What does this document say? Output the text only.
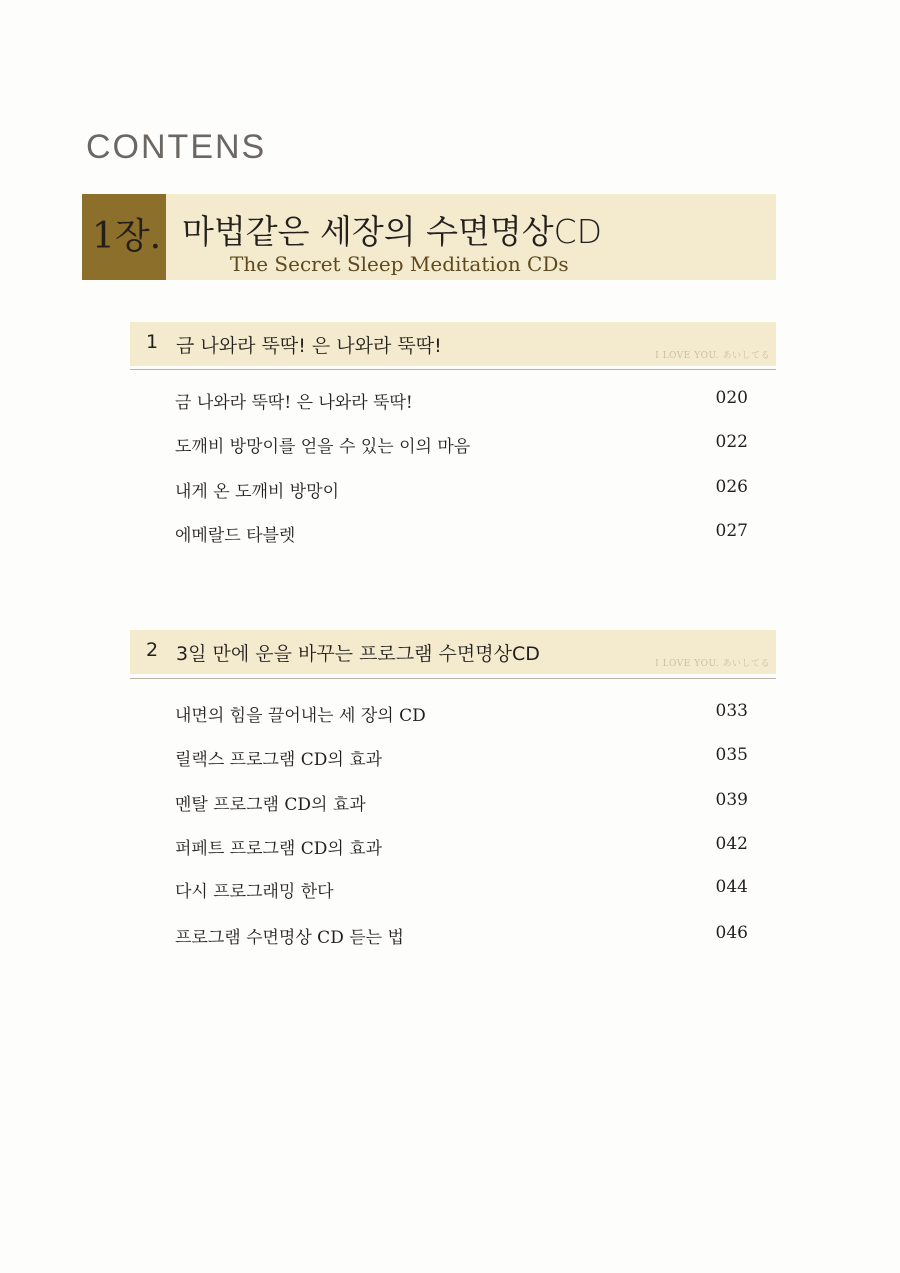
CONTENS
1장. 마법같은 세장의 수면명상CD
The Secret Sleep Meditation CDs
1 금 나와라 뚝딱! 은 나와라 뚝딱!	I LOVE YOU. あいしてる
금 나와라 뚝딱! 은 나와라 뚝딱!	020
도깨비 방망이를 얻을 수 있는 이의 마음	022
내게 온 도깨비 방망이	026
에메랄드 타블렛	027
2 3일 만에 운을 바꾸는 프로그램 수면명상CD	I LOVE YOU. あいしてる
내면의 힘을 끌어내는 세 장의 CD	033
릴랙스 프로그램 CD의 효과	035
멘탈 프로그램 CD의 효과	039
퍼페트 프로그램 CD의 효과	042
다시 프로그래밍 한다	044
프로그램 수면명상 CD 듣는 법	046
